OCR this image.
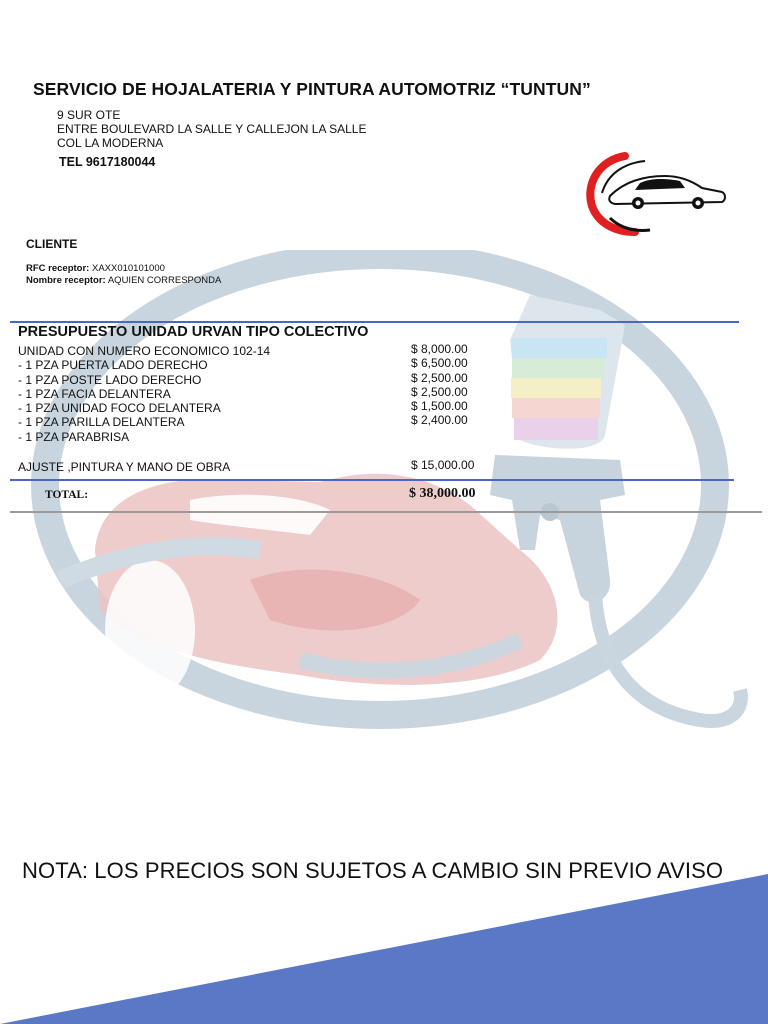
SERVICIO DE HOJALATERIA Y PINTURA AUTOMOTRIZ “TUNTUN”
9 SUR OTE
ENTRE BOULEVARD LA SALLE Y CALLEJON LA SALLE
COL LA MODERNA
TEL 9617180044
CLIENTE
RFC receptor: XAXX010101000
Nombre receptor: AQUIEN CORRESPONDA
PRESUPUESTO UNIDAD URVAN TIPO COLECTIVO
UNIDAD CON NUMERO ECONOMICO 102-14
- 1 PZA PUERTA LADO DERECHO
- 1 PZA POSTE LADO DERECHO
- 1 PZA FACIA DELANTERA
- 1 PZA UNIDAD FOCO DELANTERA
- 1 PZA PARILLA DELANTERA
- 1 PZA PARABRISA
$ 8,000.00
$ 6,500.00
$ 2,500.00
$ 2,500.00
$ 1,500.00
$ 2,400.00
AJUSTE ,PINTURA Y MANO DE OBRA	$ 15,000.00
TOTAL:	$ 38,000.00
NOTA: LOS PRECIOS SON SUJETOS A CAMBIO SIN PREVIO AVISO
